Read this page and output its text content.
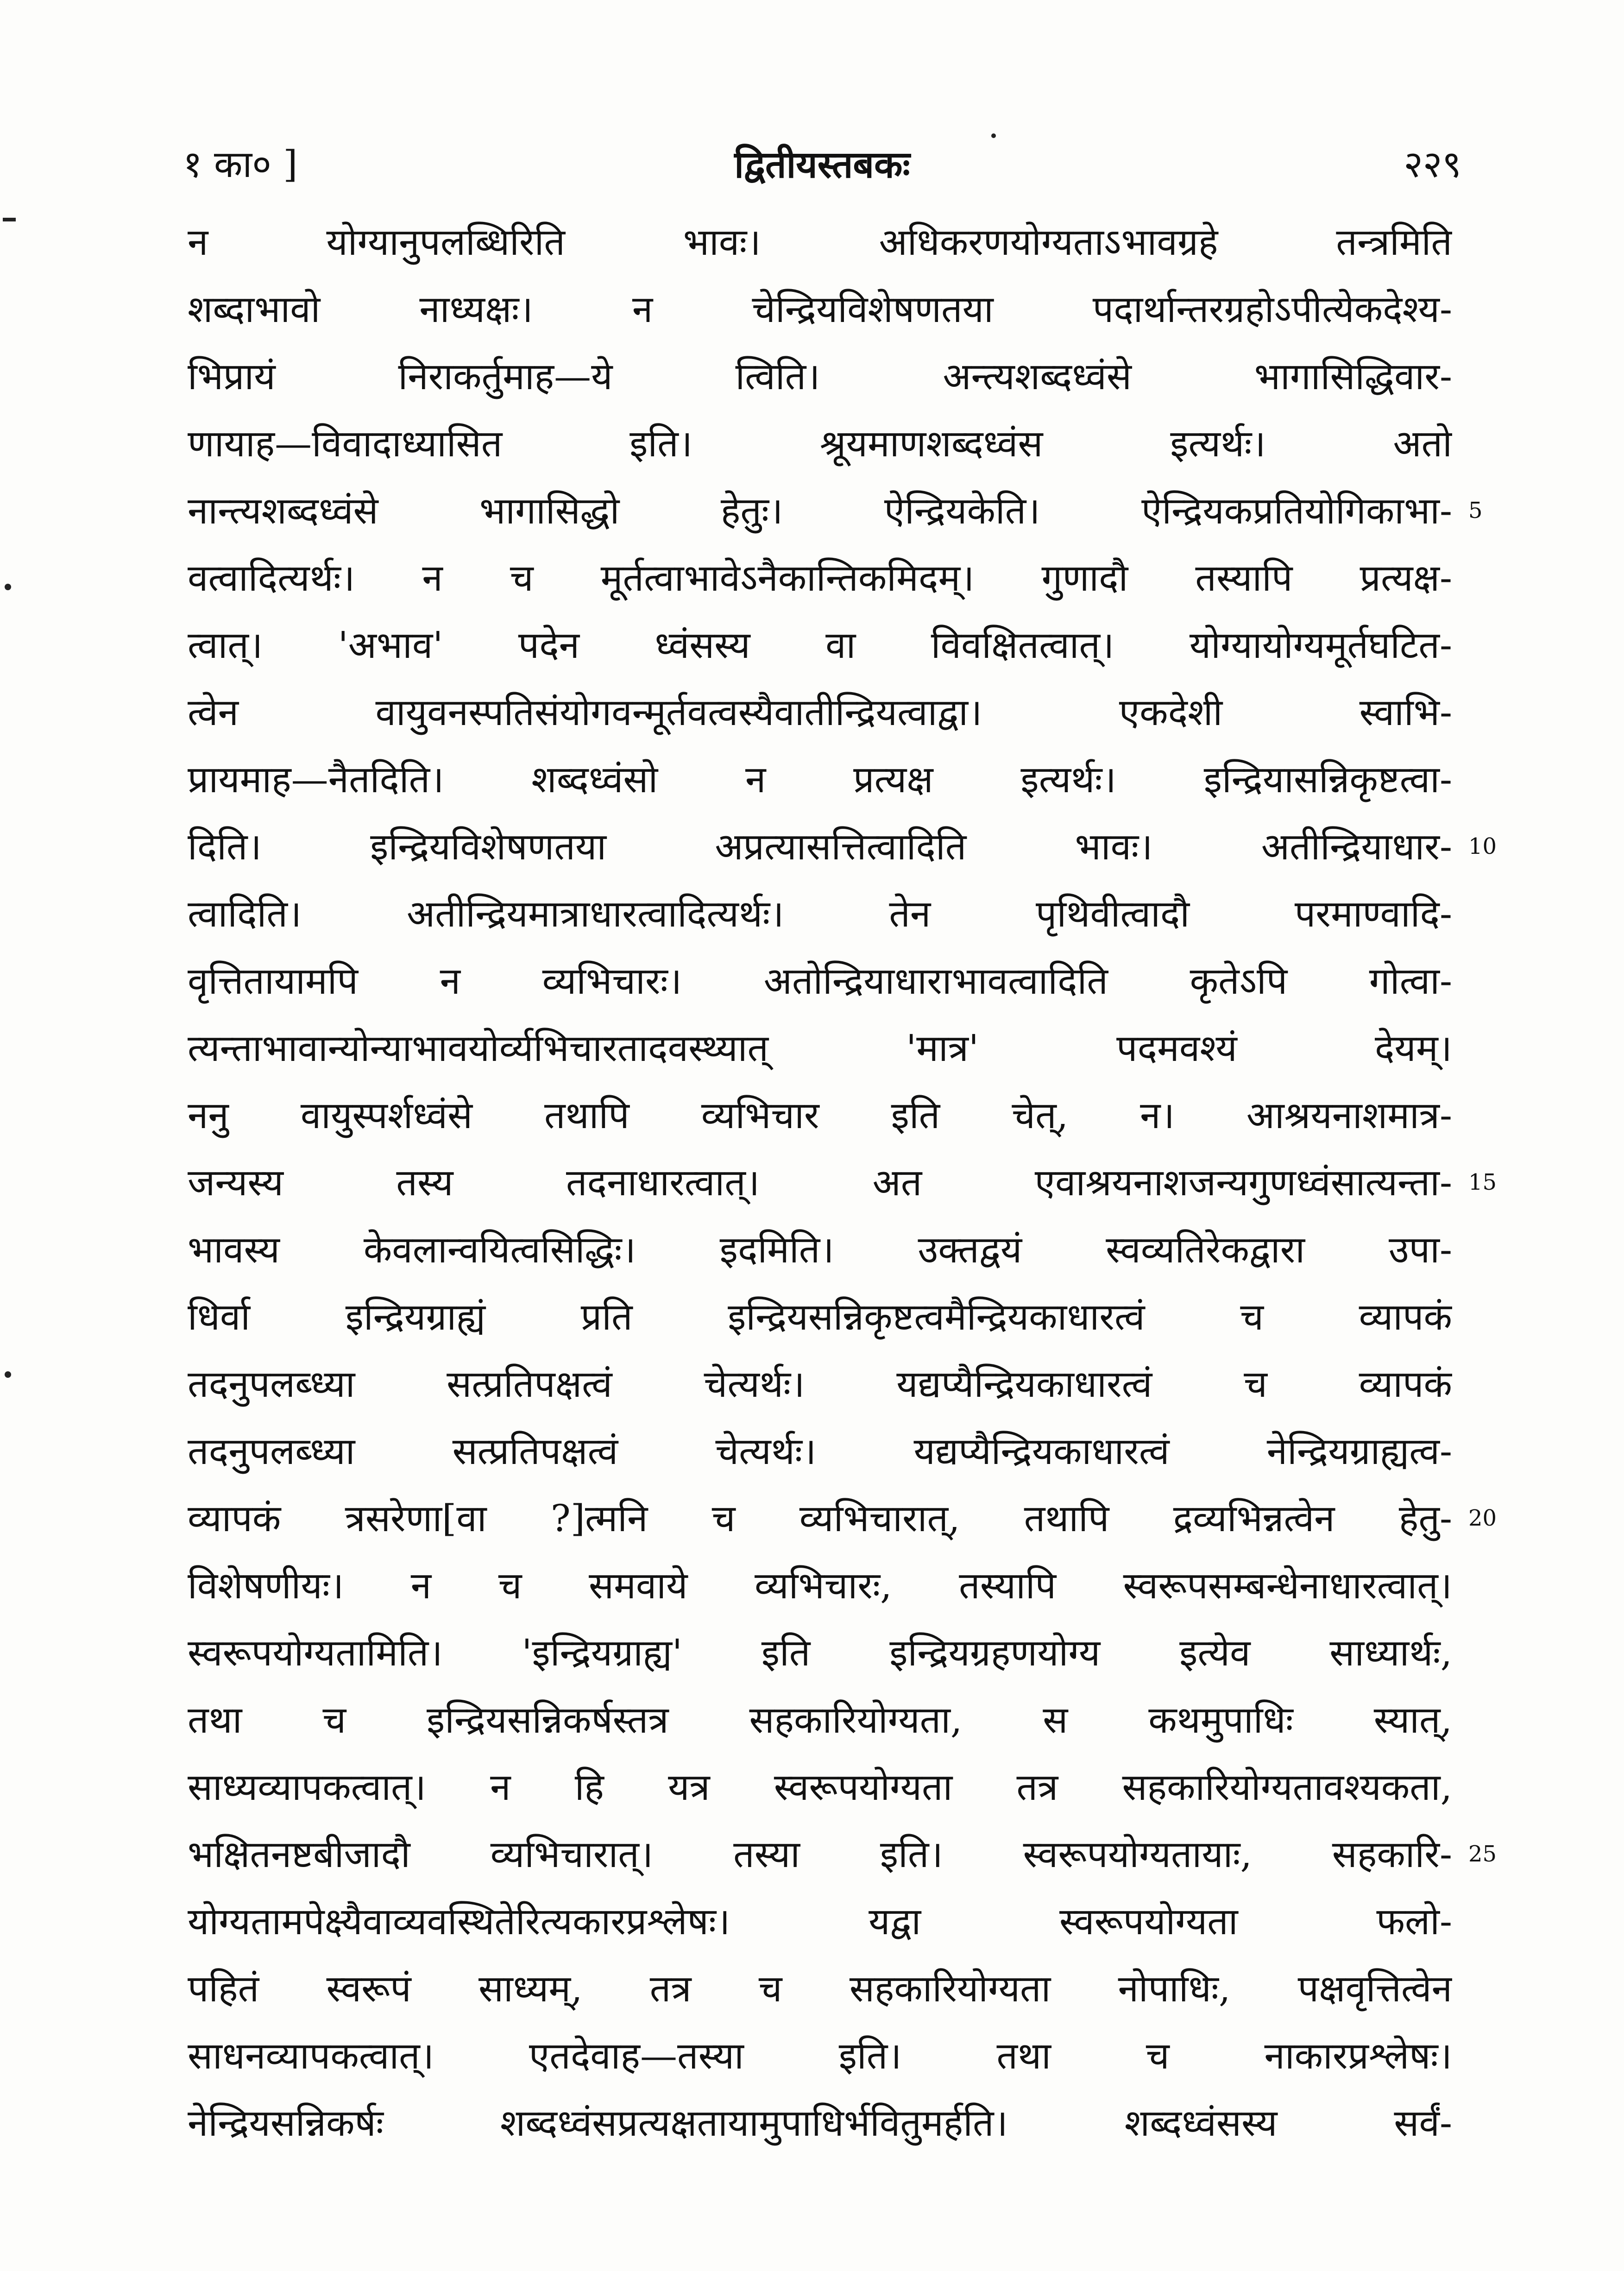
१ का० ]	द्वितीयस्तबकः	२२९
न योग्यानुपलब्धिरिति भावः। अधिकरणयोग्यताऽभावग्रहे तन्त्रमिति
शब्दाभावो नाध्यक्षः। न चेन्द्रियविशेषणतया पदार्थान्तरग्रहोऽपीत्येकदेश्य-
भिप्रायं निराकर्तुमाह—ये त्विति। अन्त्यशब्दध्वंसे भागासिद्धिवार-
णायाह—विवादाध्यासित इति। श्रूयमाणशब्दध्वंस इत्यर्थः। अतो
नान्त्यशब्दध्वंसे भागासिद्धो हेतुः। ऐन्द्रियकेति। ऐन्द्रियकप्रतियोगिकाभा-
वत्वादित्यर्थः। न च मूर्तत्वाभावेऽनैकान्तिकमिदम्। गुणादौ तस्यापि प्रत्यक्ष-
त्वात्। 'अभाव' पदेन ध्वंसस्य वा विवक्षितत्वात्। योग्यायोग्यमूर्तघटित-
त्वेन वायुवनस्पतिसंयोगवन्मूर्तवत्वस्यैवातीन्द्रियत्वाद्वा। एकदेशी स्वाभि-
प्रायमाह—नैतदिति। शब्दध्वंसो न प्रत्यक्ष इत्यर्थः। इन्द्रियासन्निकृष्टत्वा-
दिति। इन्द्रियविशेषणतया अप्रत्यासत्तित्वादिति भावः। अतीन्द्रियाधार-
त्वादिति। अतीन्द्रियमात्राधारत्वादित्यर्थः। तेन पृथिवीत्वादौ परमाण्वादि-
वृत्तितायामपि न व्यभिचारः। अतोन्द्रियाधाराभावत्वादिति कृतेऽपि गोत्वा-
त्यन्ताभावान्योन्याभावयोर्व्यभिचारतादवस्थ्यात् 'मात्र' पदमवश्यं देयम्।
ननु वायुस्पर्शध्वंसे तथापि व्यभिचार इति चेत्, न। आश्रयनाशमात्र-
जन्यस्य तस्य तदनाधारत्वात्। अत एवाश्रयनाशजन्यगुणध्वंसात्यन्ता-
भावस्य केवलान्वयित्वसिद्धिः। इदमिति। उक्तद्वयं स्वव्यतिरेकद्वारा उपा-
धिर्वा इन्द्रियग्राह्यं प्रति इन्द्रियसन्निकृष्टत्वमैन्द्रियकाधारत्वं च व्यापकं
तदनुपलब्ध्या सत्प्रतिपक्षत्वं चेत्यर्थः। यद्यप्यैन्द्रियकाधारत्वं च व्यापकं
तदनुपलब्ध्या सत्प्रतिपक्षत्वं चेत्यर्थः। यद्यप्यैन्द्रियकाधारत्वं नेन्द्रियग्राह्यत्व-
व्यापकं त्रसरेणा[वा ?]त्मनि च व्यभिचारात्, तथापि द्रव्यभिन्नत्वेन हेतु-
विशेषणीयः। न च समवाये व्यभिचारः, तस्यापि स्वरूपसम्बन्धेनाधारत्वात्।
स्वरूपयोग्यतामिति। 'इन्द्रियग्राह्य' इति इन्द्रियग्रहणयोग्य इत्येव साध्यार्थः,
तथा च इन्द्रियसन्निकर्षस्तत्र सहकारियोग्यता, स कथमुपाधिः स्यात्,
साध्यव्यापकत्वात्। न हि यत्र स्वरूपयोग्यता तत्र सहकारियोग्यतावश्यकता,
भक्षितनष्टबीजादौ व्यभिचारात्। तस्या इति। स्वरूपयोग्यतायाः, सहकारि-
योग्यतामपेक्ष्यैवाव्यवस्थितेरित्यकारप्रश्लेषः। यद्वा स्वरूपयोग्यता फलो-
पहितं स्वरूपं साध्यम्, तत्र च सहकारियोग्यता नोपाधिः, पक्षवृत्तित्वेन
साधनव्यापकत्वात्। एतदेवाह—तस्या इति। तथा च नाकारप्रश्लेषः।
नेन्द्रियसन्निकर्षः शब्दध्वंसप्रत्यक्षतायामुपाधिर्भवितुमर्हति। शब्दध्वंसस्य सर्वं-
5
10
15
20
25
